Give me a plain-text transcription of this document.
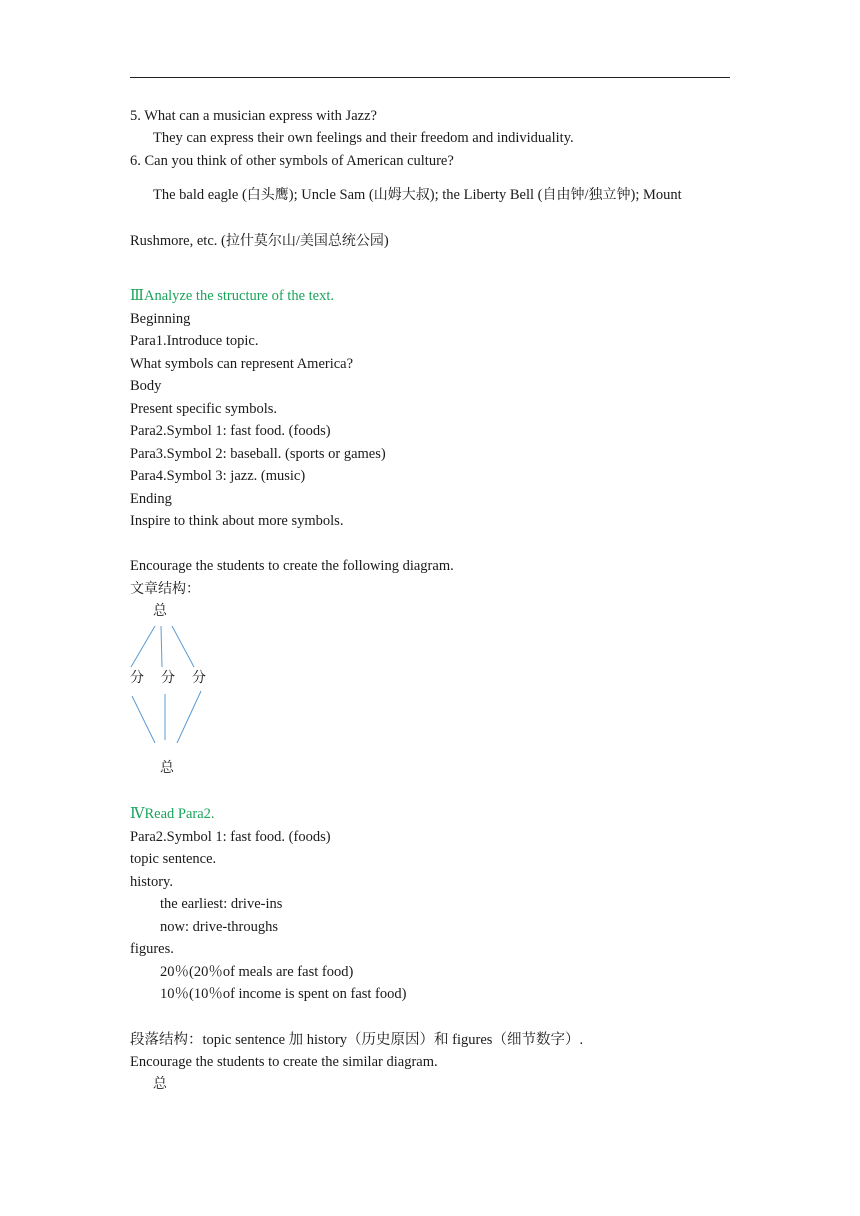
5. What can a musician express with Jazz?
They can express their own feelings and their freedom and individuality.
6. Can you think of other symbols of American culture?
The bald eagle (白头鹰); Uncle Sam (山姆大叔); the Liberty Bell (自由钟/独立钟); Mount
Rushmore, etc. (拉什莫尔山/美国总统公园)
ⅢAnalyze the structure of the text.
Beginning
Para1.Introduce topic.
What symbols can represent America?
Body
Present specific symbols.
Para2.Symbol 1: fast food. (foods)
Para3.Symbol 2: baseball. (sports or games)
Para4.Symbol 3: jazz. (music)
Ending
Inspire to think about more symbols.
Encourage the students to create the following diagram.
文章结构：
总
分 分 分
总
ⅣRead Para2.
Para2.Symbol 1: fast food. (foods)
topic sentence.
history.
the earliest: drive-ins
now: drive-throughs
figures.
20％(20％of meals are fast food)
10％(10％of income is spent on fast food)
段落结构：topic sentence 加 history（历史原因）和 figures（细节数字）.
Encourage the students to create the similar diagram.
总
